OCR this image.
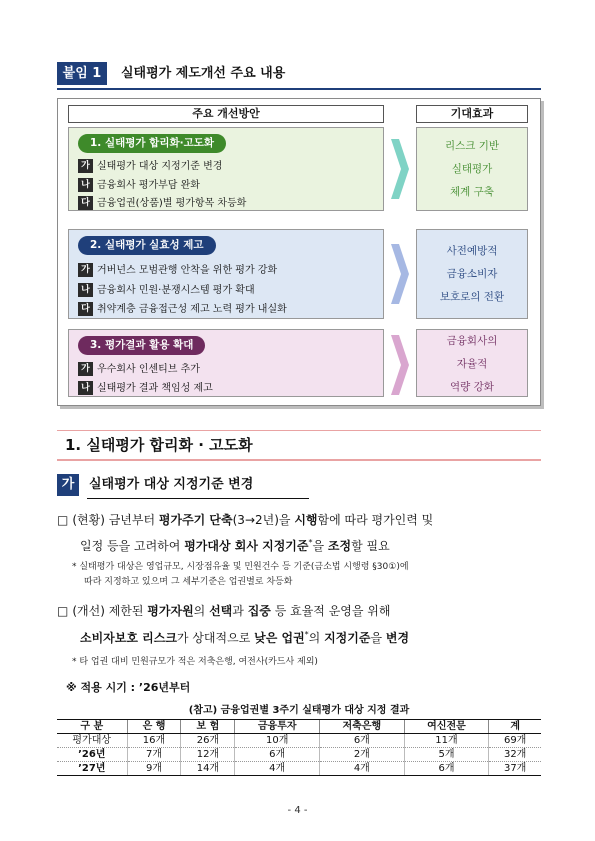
붙임 1	실태평가 제도개선 주요 내용
주요 개선방안	기대효과
1. 실태평가 합리화·고도화
가 실태평가 대상 지정기준 변경
나 금융회사 평가부담 완화
다 금융업권(상품)별 평가항목 차등화
리스크 기반
실태평가
체계 구축
2. 실태평가 실효성 제고
가 거버넌스 모범관행 안착을 위한 평가 강화
나 금융회사 민원·분쟁시스템 평가 확대
다 취약계층 금융접근성 제고 노력 평가 내실화
사전예방적
금융소비자
보호로의 전환
3. 평가결과 활용 확대
가 우수회사 인센티브 추가
나 실태평가 결과 책임성 제고
금융회사의
자율적
역량 강화
1. 실태평가 합리화 · 고도화
가	실태평가 대상 지정기준 변경
□ (현황) 금년부터 평가주기 단축(3→2년)을 시행함에 따라 평가인력 및
일정 등을 고려하여 평가대상 회사 지정기준*을 조정할 필요
* 실태평가 대상은 영업규모, 시장점유율 및 민원건수 등 기준(금소법 시행령 §30①)에
따라 지정하고 있으며 그 세부기준은 업권별로 차등화
□ (개선) 제한된 평가자원의 선택과 집중 등 효율적 운영을 위해
소비자보호 리스크가 상대적으로 낮은 업권*의 지정기준을 변경
* 타 업권 대비 민원규모가 적은 저축은행, 여전사(카드사 제외)
※ 적용 시기 : ’26년부터
(참고) 금융업권별 3주기 실태평가 대상 지정 결과
구 분	은 행	보 험	금융투자	저축은행	여신전문	계
평가대상	16개	26개	10개	6개	11개	69개
’26년	7개	12개	6개	2개	5개	32개
’27년	9개	14개	4개	4개	6개	37개
- 4 -
